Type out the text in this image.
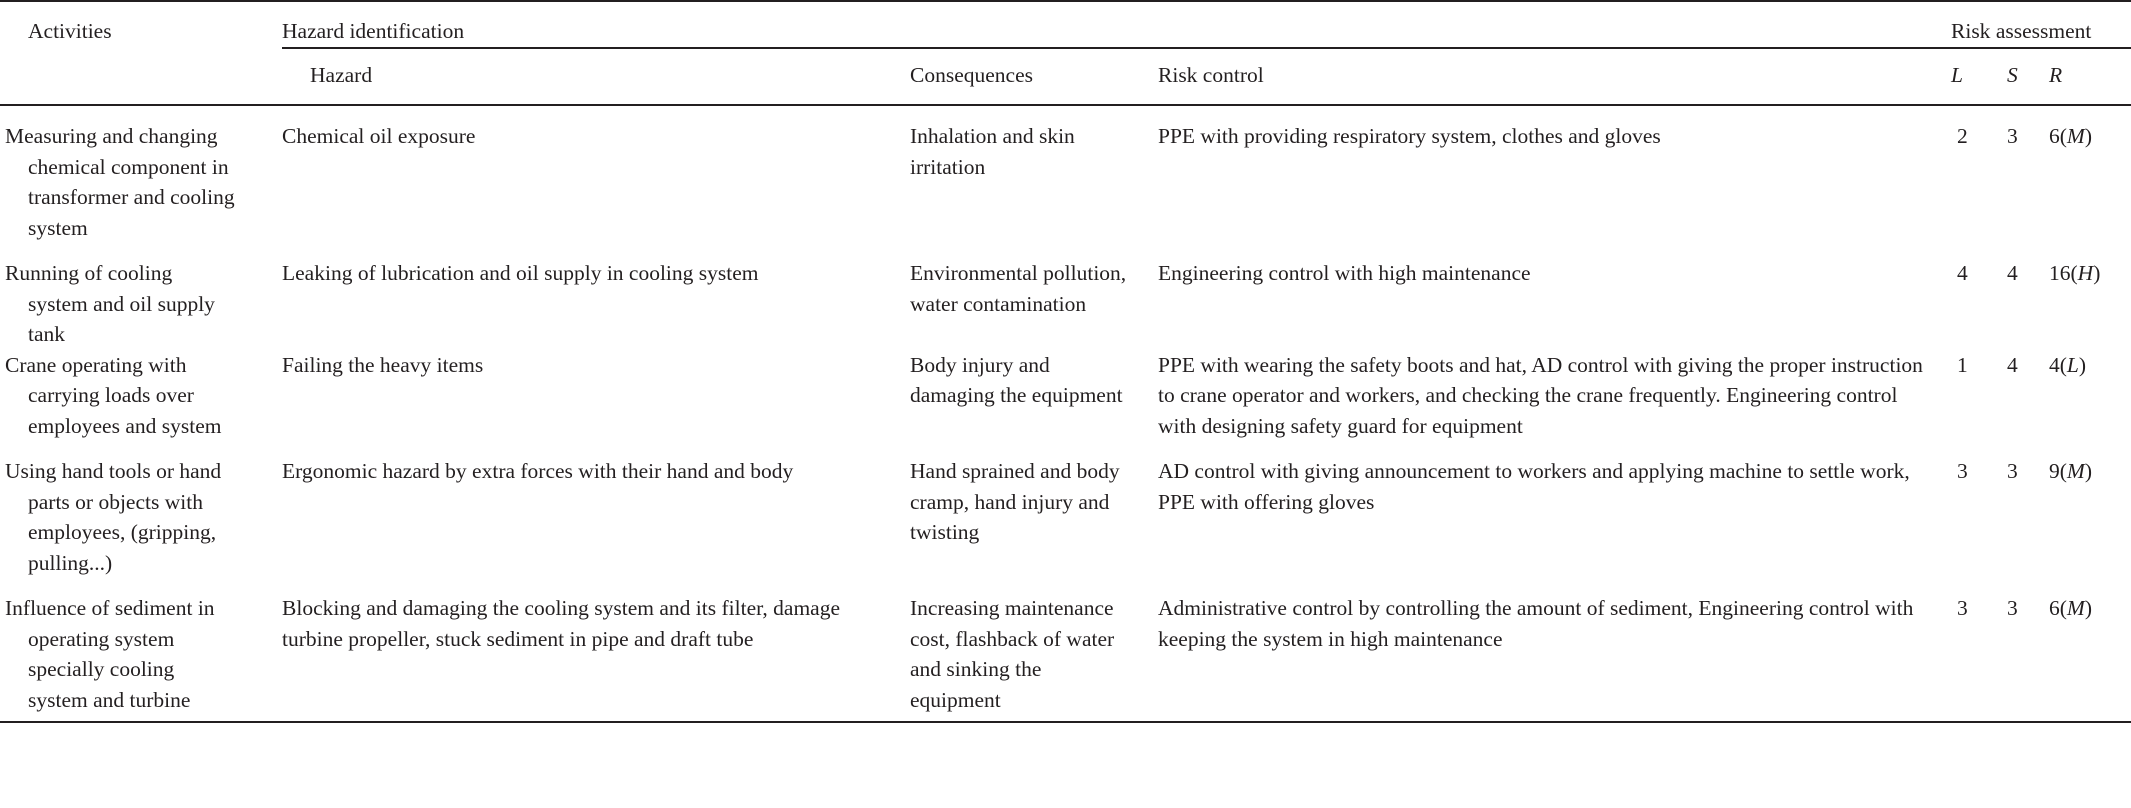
Activities	Hazard identification			Risk assessment		

	Hazard	Consequences	Risk control	L	S	R

Measuring and changing chemical component in transformer and cooling system	Chemical oil exposure	Inhalation and skin irritation	PPE with providing respiratory system, clothes and gloves	2	3	6(M)
Running of cooling system and oil supply tank	Leaking of lubrication and oil supply in cooling system	Environmental pollution, water contamination	Engineering control with high maintenance	4	4	16(H)
Crane operating with carrying loads over employees and system	Failing the heavy items	Body injury and damaging the equipment	PPE with wearing the safety boots and hat, AD control with giving the proper instruction to crane operator and workers, and checking the crane frequently. Engineering control with designing safety guard for equipment	1	4	4(L)
Using hand tools or hand parts or objects with employees, (gripping, pulling...)	Ergonomic hazard by extra forces with their hand and body	Hand sprained and body cramp, hand injury and twisting	AD control with giving announcement to workers and applying machine to settle work, PPE with offering gloves	3	3	9(M)
Influence of sediment in operating system specially cooling system and turbine	Blocking and damaging the cooling system and its filter, damage turbine propeller, stuck sediment in pipe and draft tube	Increasing maintenance cost, flashback of water and sinking the equipment	Administrative control by controlling the amount of sediment, Engineering control with keeping the system in high maintenance	3	3	6(M)
